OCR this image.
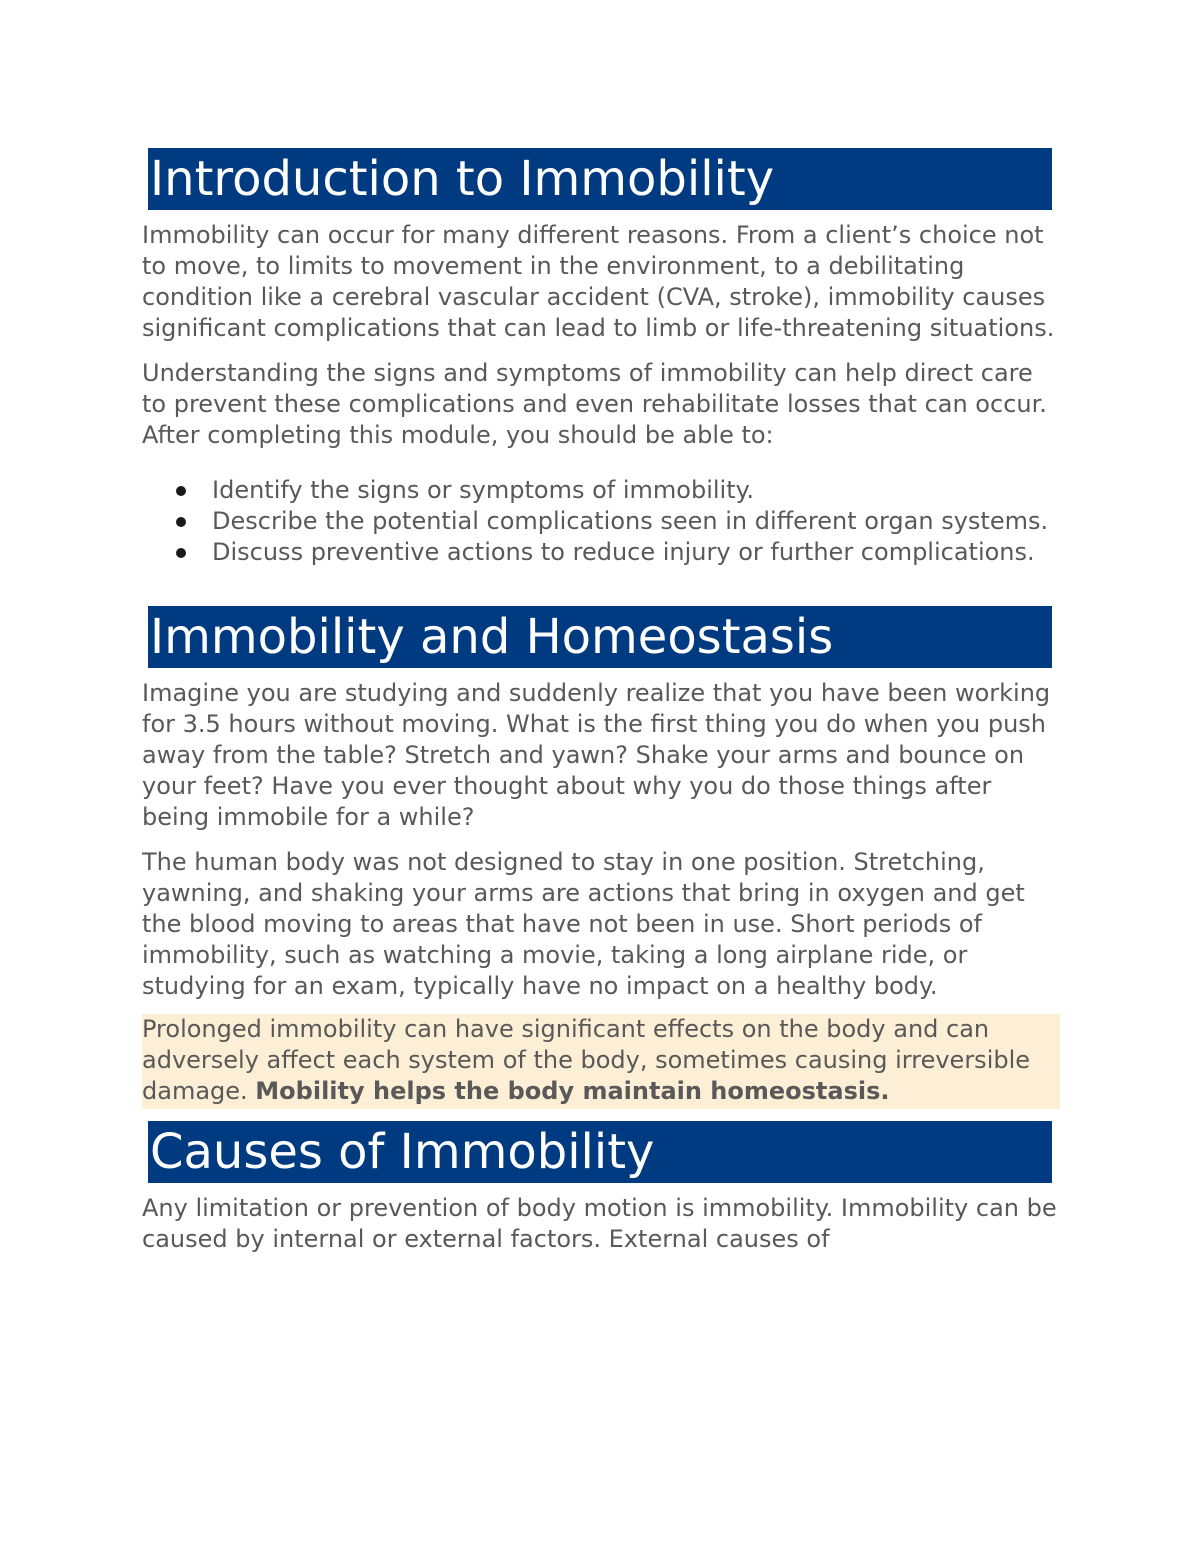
Introduction to Immobility

Immobility can occur for many different reasons. From a client’s choice not to move, to limits to movement in the environment, to a debilitating condition like a cerebral vascular accident (CVA, stroke), immobility causes significant complications that can lead to limb or life-threatening situations.

Understanding the signs and symptoms of immobility can help direct care to prevent these complications and even rehabilitate losses that can occur. After completing this module, you should be able to:

Identify the signs or symptoms of immobility.
Describe the potential complications seen in different organ systems.
Discuss preventive actions to reduce injury or further complications.
Immobility and Homeostasis

Imagine you are studying and suddenly realize that you have been working for 3.5 hours without moving. What is the first thing you do when you push away from the table? Stretch and yawn? Shake your arms and bounce on your feet? Have you ever thought about why you do those things after being immobile for a while?

The human body was not designed to stay in one position. Stretching, yawning, and shaking your arms are actions that bring in oxygen and get the blood moving to areas that have not been in use. Short periods of immobility, such as watching a movie, taking a long airplane ride, or studying for an exam, typically have no impact on a healthy body.

Prolonged immobility can have significant effects on the body and can adversely affect each system of the body, sometimes causing irreversible damage. Mobility helps the body maintain homeostasis.
Causes of Immobility

Any limitation or prevention of body motion is immobility. Immobility can be caused by internal or external factors. External causes of
